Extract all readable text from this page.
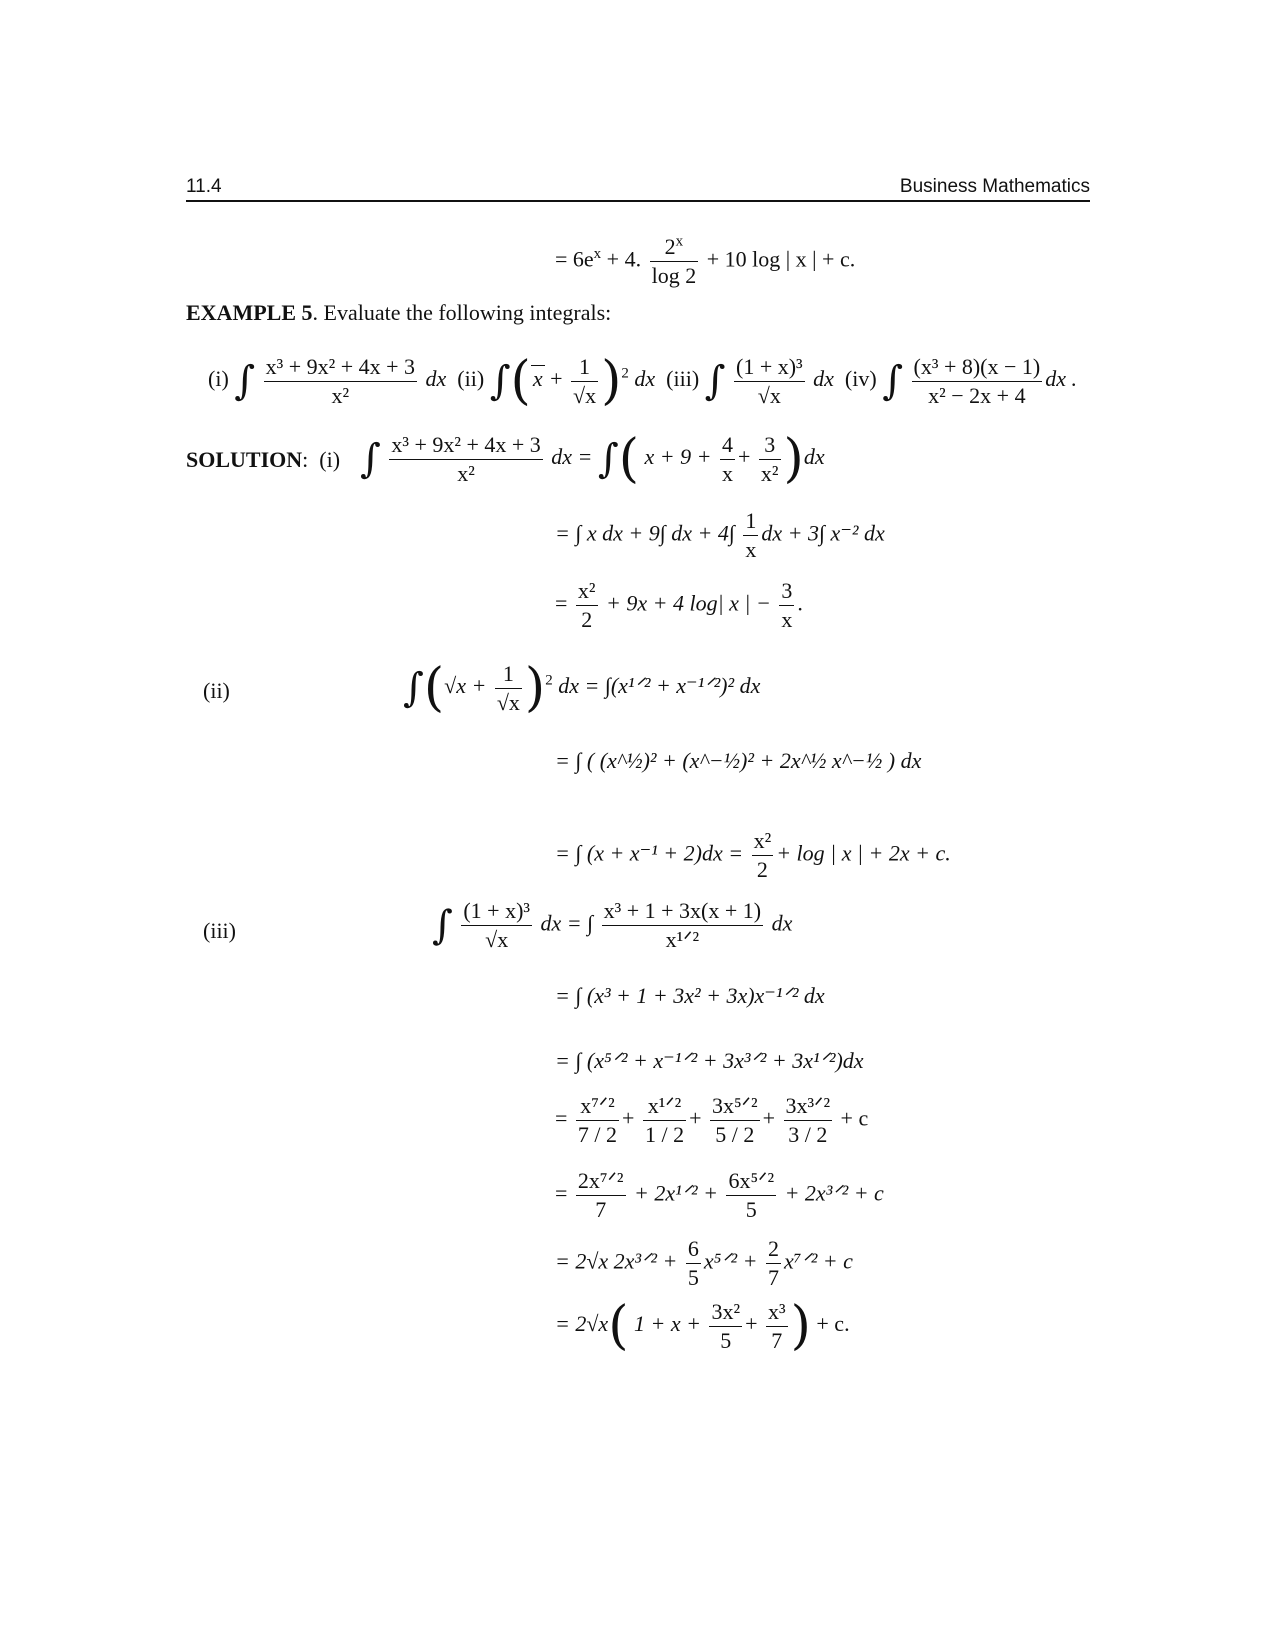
11.4	Business Mathematics
= $6e^x + 4$. $\frac{2^x}{\log 2} + 10$ log | x | + c.
EXAMPLE 5. Evaluate the following integrals:
(i) ∫ $\frac{\text{x³ + 9x² + 4x + 3}}{\text{x²}}$ dx (ii) $\int(x + \frac{1}{√x} )^2$ dx (iii) ∫ $\frac{\text{(1 + x)³}}{√x}$ dx (iv) ∫ $\frac{\text{(x³ + 8)(x − 1)}}{\text{x² − 2x + 4}}$ dx .
SOLUTION: (i) ∫ $\frac{\text{x³ + 9x² + 4x + 3}}{\text{x²}}$ dx = ∫( $x + 9 + \frac{4}{x} + \frac{3}{\text{x²}} )dx$
= ∫ x dx + 9∫ dx + $4\int \frac{1}{x}$ dx + 3∫ x⁻² dx
= $\frac{\text{x²}}{2} + 9x + 4$ log| x | − $\frac{3}{x}$ .
(ii)	$\int(√x + \frac{1}{√x} )^2$ dx = ∫(x¹ᐟ² + x⁻¹ᐟ²)² dx
= ∫ ( (x^½)² + (x^−½)² + 2x^½ x^−½ ) dx
= ∫ $(x + x^{-1} + 2)dx = \frac{\text{x²}}{2} + \log$ | x | + 2x + c.
(iii)	∫ $\frac{\text{(1 + x)³}}{√x}$ dx = ∫ $\frac{\text{x³ + 1 + 3x(x + 1)}}{\text{x¹ᐟ²}}$ dx
= ∫ (x³ + 1 + 3x² + 3x)x⁻¹ᐟ² dx
= ∫ (x⁵ᐟ² + x⁻¹ᐟ² + 3x³ᐟ² + 3x¹ᐟ²)dx
= $\frac{\text{x⁷ᐟ²}}{7 / 2} + \frac{\text{x¹ᐟ²}}{1 / 2} + \frac{\text{3x⁵ᐟ²}}{5 / 2} + \frac{\text{3x³ᐟ²}}{3 / 2} + c$
= $\frac{\text{2x⁷ᐟ²}}{7}$ + 2x¹ᐟ² + $\frac{\text{6x⁵ᐟ²}}{5}$ + 2x³ᐟ² + c
= 2√x 2x³ᐟ² + $\frac{6}{5}$ x⁵ᐟ² + $\frac{2}{7}$ x⁷ᐟ² + c
= 2√x( $1 + x + \frac{\text{3x²}}{5} + \frac{\text{x³}}{7}$ ) + c.
